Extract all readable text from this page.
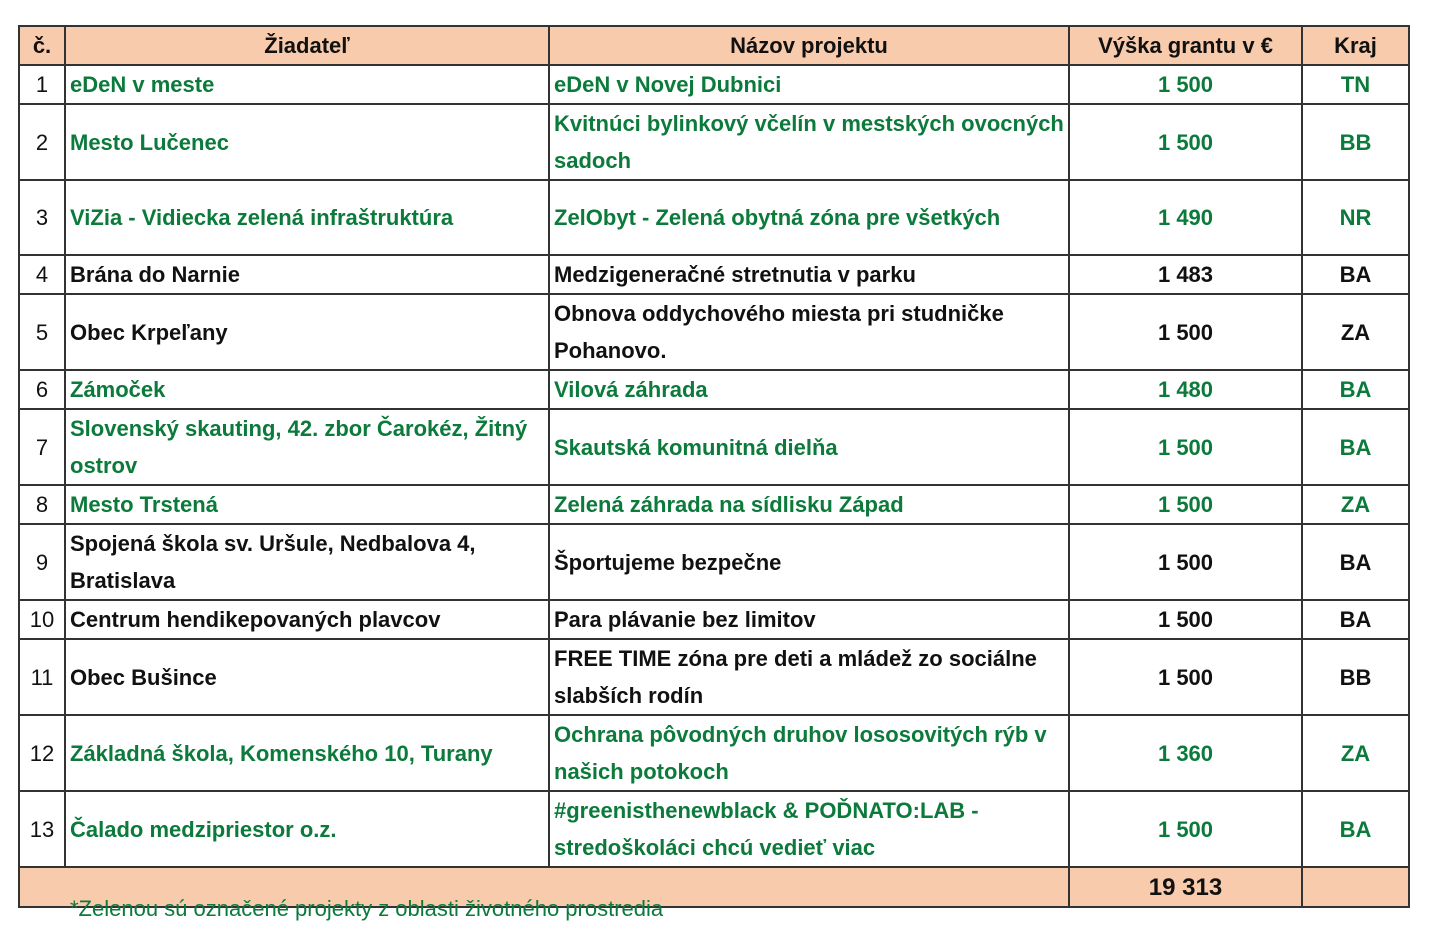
č.	Žiadateľ	Názov projektu	Výška grantu v €	Kraj
1	eDeN v meste	eDeN v Novej Dubnici	1 500	TN
2	Mesto Lučenec	Kvitnúci bylinkový včelín v mestských ovocných sadoch	1 500	BB
3	ViZia - Vidiecka zelená infraštruktúra	ZelObyt - Zelená obytná zóna pre všetkých	1 490	NR
4	Brána do Narnie	Medzigeneračné stretnutia v parku	1 483	BA
5	Obec Krpeľany	Obnova oddychového miesta pri studničke Pohanovo.	1 500	ZA
6	Zámoček	Vilová záhrada	1 480	BA
7	Slovenský skauting, 42. zbor Čarokéz, Žitný ostrov	Skautská komunitná dielňa	1 500	BA
8	Mesto Trstená	Zelená záhrada na sídlisku Západ	1 500	ZA
9	Spojená škola sv. Uršule, Nedbalova 4, Bratislava	Športujeme bezpečne	1 500	BA
10	Centrum hendikepovaných plavcov	Para plávanie bez limitov	1 500	BA
11	Obec Bušince	FREE TIME zóna pre deti a mládež zo sociálne slabších rodín	1 500	BB
12	Základná škola, Komenského 10, Turany	Ochrana pôvodných druhov lososovitých rýb v našich potokoch	1 360	ZA
13	Čalado medzipriestor o.z.	#greenisthenewblack & POĎNATO:LAB - stredoškoláci chcú vedieť viac	1 500	BA
			19 313	
*Zelenou sú označené projekty z oblasti životného prostredia
